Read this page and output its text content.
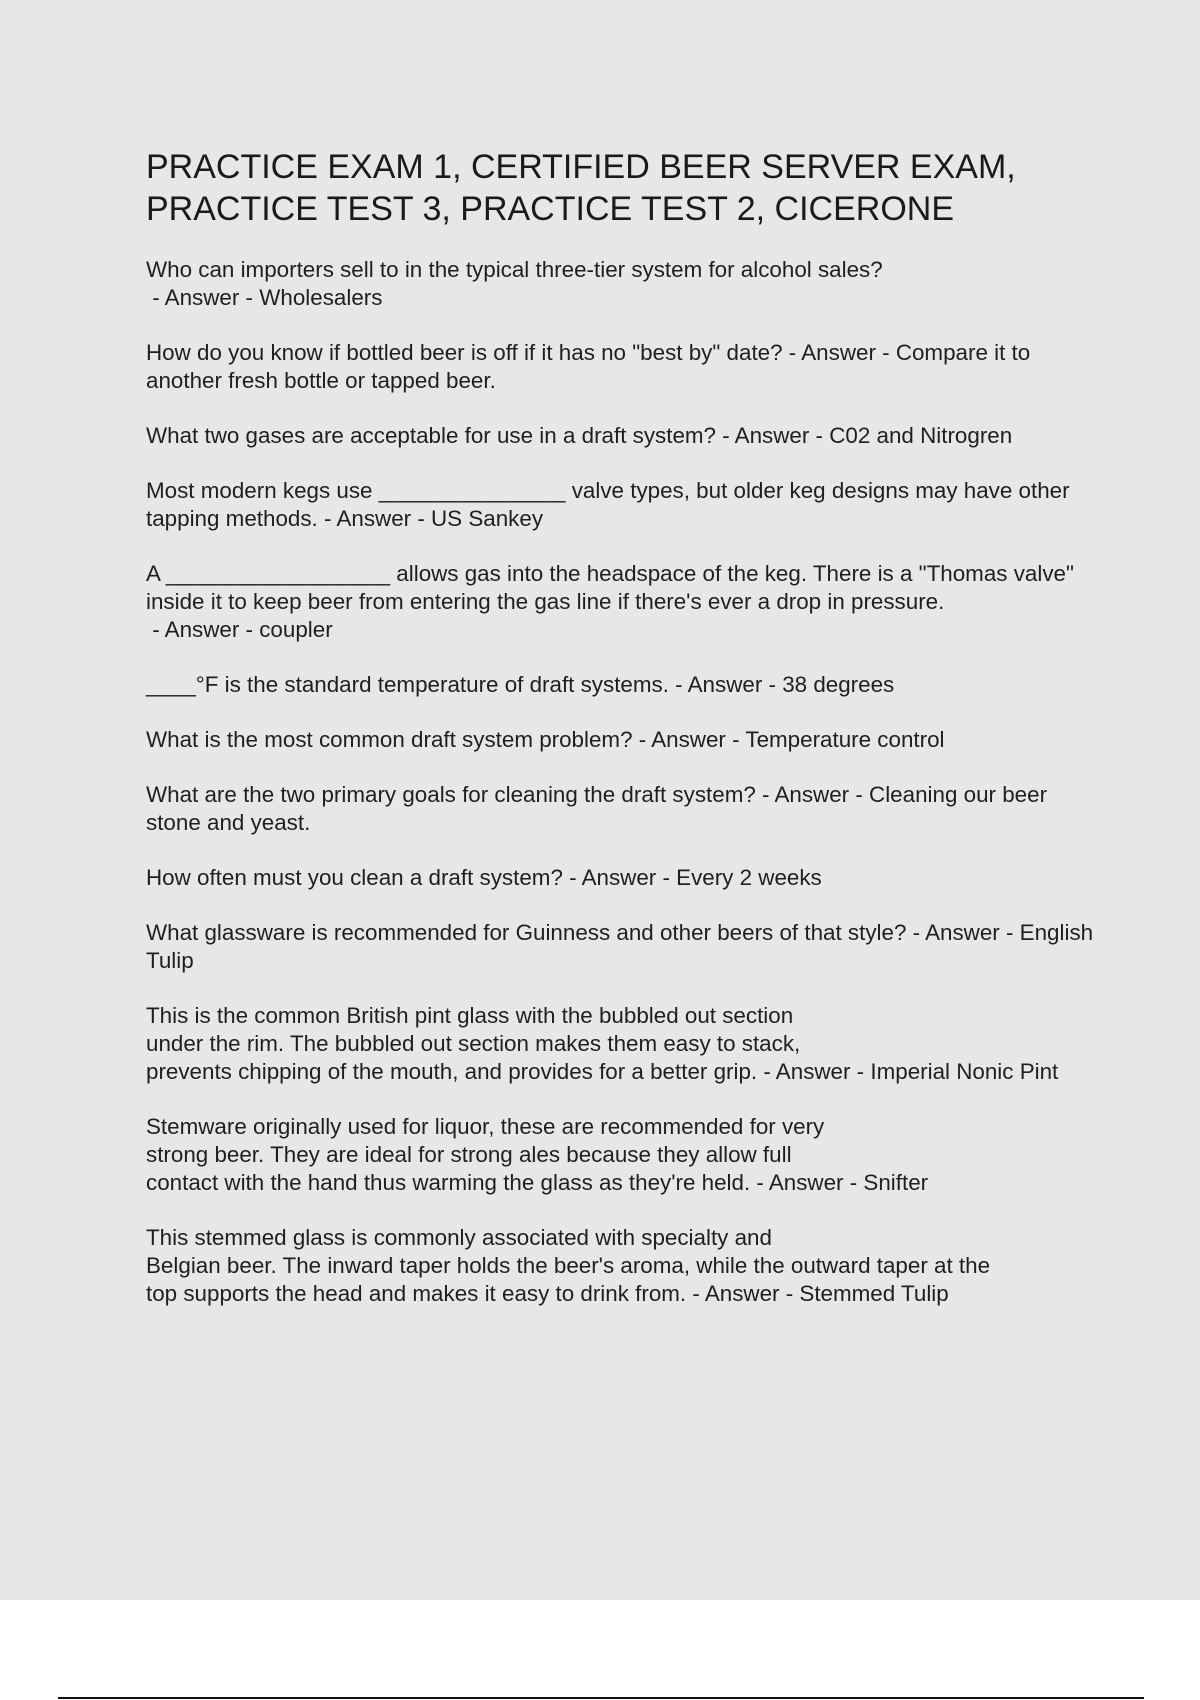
PRACTICE EXAM 1, CERTIFIED BEER SERVER EXAM,
PRACTICE TEST 3, PRACTICE TEST 2, CICERONE

Who can importers sell to in the typical three-tier system for alcohol sales? - Answer - Wholesalers

How do you know if bottled beer is off if it has no "best by" date? - Answer - Compare it to another fresh bottle or tapped beer.

What two gases are acceptable for use in a draft system? - Answer - C02 and Nitrogren

Most modern kegs use _______________ valve types, but older keg designs may have other tapping methods. - Answer - US Sankey

A __________________ allows gas into the headspace of the keg. There is a "Thomas valve" inside it to keep beer from entering the gas line if there's ever a drop in pressure. - Answer - coupler

____°F is the standard temperature of draft systems. - Answer - 38 degrees

What is the most common draft system problem? - Answer - Temperature control

What are the two primary goals for cleaning the draft system? - Answer - Cleaning our beer stone and yeast.

How often must you clean a draft system? - Answer - Every 2 weeks

What glassware is recommended for Guinness and other beers of that style? - Answer - English Tulip

This is the common British pint glass with the bubbled out section
under the rim. The bubbled out section makes them easy to stack,
prevents chipping of the mouth, and provides for a better grip. - Answer - Imperial Nonic Pint

Stemware originally used for liquor, these are recommended for very
strong beer. They are ideal for strong ales because they allow full
contact with the hand thus warming the glass as they're held. - Answer - Snifter

This stemmed glass is commonly associated with specialty and
Belgian beer. The inward taper holds the beer's aroma, while the outward taper at the
top supports the head and makes it easy to drink from. - Answer - Stemmed Tulip
